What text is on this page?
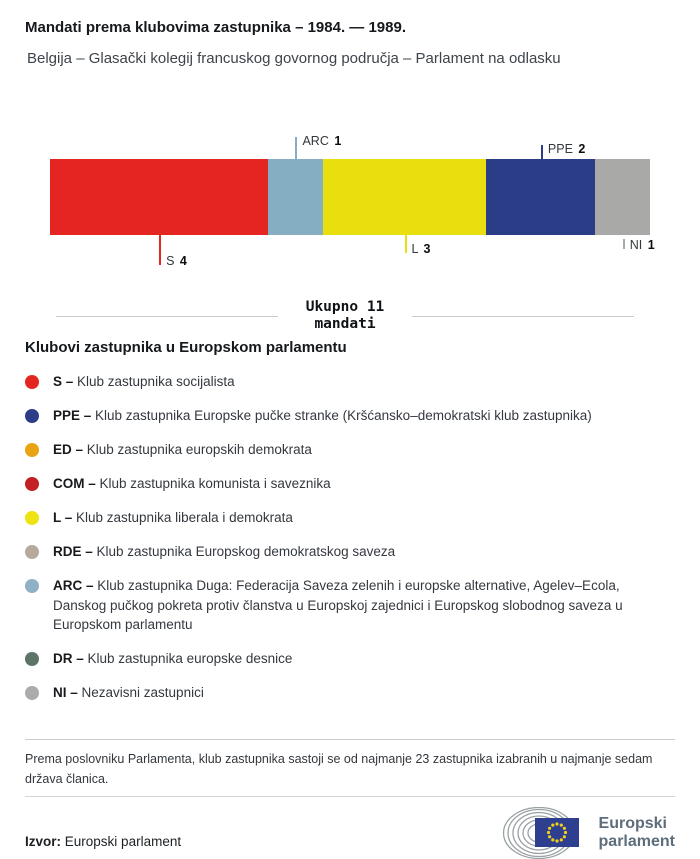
Mandati prema klubovima zastupnika – 1984. — 1989.
Belgija – Glasački kolegij francuskog govornog područja – Parlament na odlasku
S 4
ARC 1
L 3
PPE 2
NI 1
Ukupno 11
mandati
Klubovi zastupnika u Europskom parlamentu
S – Klub zastupnika socijalista
PPE – Klub zastupnika Europske pučke stranke (Kršćansko–demokratski klub zastupnika)
ED – Klub zastupnika europskih demokrata
COM – Klub zastupnika komunista i saveznika
L – Klub zastupnika liberala i demokrata
RDE – Klub zastupnika Europskog demokratskog saveza
ARC – Klub zastupnika Duga: Federacija Saveza zelenih i europske alternative, Agelev–Ecola, Danskog pučkog pokreta protiv članstva u Europskoj zajednici i Europskog slobodnog saveza u Europskom parlamentu
DR – Klub zastupnika europske desnice
NI – Nezavisni zastupnici

Prema poslovniku Parlamenta, klub zastupnika sastoji se od najmanje 23 zastupnika izabranih u najmanje sedam država članica.

Izvor: Europski parlament

Europski
parlament
